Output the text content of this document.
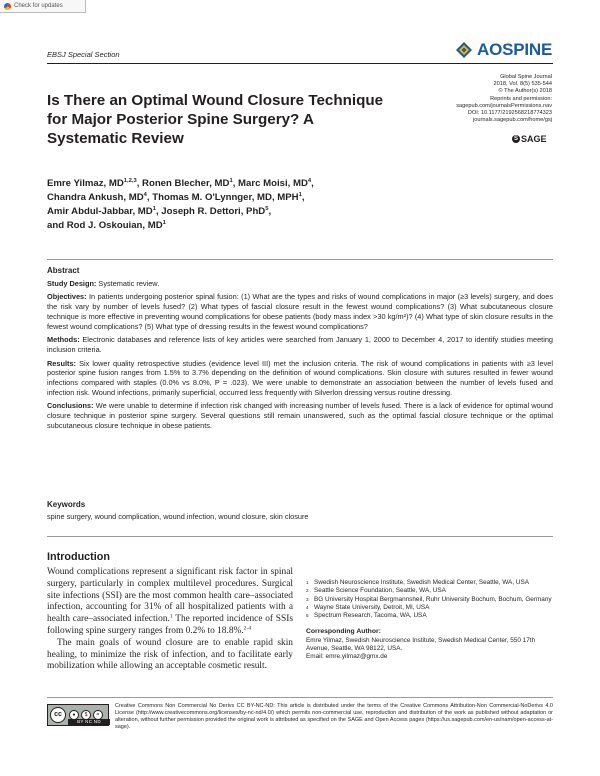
Check for updates
EBSJ Special Section	AOSPINE
Global Spine Journal
2018, Vol. 8(5) 535-544
© The Author(s) 2018
Reprints and permission:
sagepub.com/journalsPermissions.nav
DOI: 10.1177/2192568218774323
journals.sagepub.com/home/gsj
S SAGE
Is There an Optimal Wound Closure Technique for Major Posterior Spine Surgery? A Systematic Review
Emre Yilmaz, MD$^{1,2,3}$, Ronen Blecher, $MD^1$, Marc Moisi, $MD^4$,
Chandra Ankush, $MD^4$, Thomas M. O'Lynnger, MD, MPH$^1$,
Amir Abdul-Jabbar, $MD^1$, Joseph R. Dettori, PhD$^5$,
and Rod J. Oskouian, $MD^1$
Abstract

Study Design: Systematic review.

Objectives: In patients undergoing posterior spinal fusion: (1) What are the types and risks of wound complications in major (≥3 levels) surgery, and does the risk vary by number of levels fused? (2) What types of fascial closure result in the fewest wound complications? (3) What subcutaneous closure technique is more effective in preventing wound complications for obese patients (body mass index >30 kg/m²)? (4) What type of skin closure results in the fewest wound complications? (5) What type of dressing results in the fewest wound complications?

Methods: Electronic databases and reference lists of key articles were searched from January 1, 2000 to December 4, 2017 to identify studies meeting inclusion criteria.

Results: Six lower quality retrospective studies (evidence level III) met the inclusion criteria. The risk of wound complications in patients with ≥3 level posterior spine fusion ranges from 1.5% to 3.7% depending on the definition of wound complications. Skin closure with sutures resulted in fewer wound infections compared with staples (0.0% vs 8.0%, P = .023). We were unable to demonstrate an association between the number of levels fused and infection risk. Wound infections, primarily superficial, occurred less frequently with Silverlon dressing versus routine dressing.

Conclusions: We were unable to determine if infection risk changed with increasing number of levels fused. There is a lack of evidence for optimal wound closure technique in posterior spine surgery. Several questions still remain unanswered, such as the optimal fascial closure technique or the optimal subcutaneous closure technique in obese patients.

Keywords
spine surgery, wound complication, wound infection, wound closure, skin closure
Introduction

Wound complications represent a significant risk factor in spinal surgery, particularly in complex multilevel procedures. Surgical site infections (SSI) are the most common health care–associated infection, accounting for 31% of all hospitalized patients with a health care–associated infection.$^1$ The reported incidence of SSIs following spine surgery ranges from 0.2% to 18.8%.$^{2-4}$

The main goals of wound closure are to enable rapid skin healing, to minimize the risk of infection, and to facilitate early mobilization while allowing an acceptable cosmetic result.

1 Swedish Neuroscience Institute, Swedish Medical Center, Seattle, WA, USA
2 Seattle Science Foundation, Seattle, WA, USA
3 BG University Hospital Bergmannsheil, Ruhr University Bochum, Bochum, Germany
4 Wayne State University, Detroit, MI, USA
5 Spectrum Research, Tacoma, WA, USA
Corresponding Author:
Emre Yilmaz, Swedish Neuroscience Institute, Swedish Medical Center, 550 17th Avenue, Seattle, WA 98122, USA.
Email: emre.yilmaz@gmx.de
cc	●	$	=
BY NC ND
Creative Commons Non Commercial No Derivs CC BY-NC-ND: This article is distributed under the terms of the Creative Commons Attribution-Non Commercial-NoDerivs 4.0 License (http://www.creativecommons.org/licenses/by-nc-nd/4.0/) which permits non-commercial use, reproduction and distribution of the work as published without adaptation or alteration, without further permission provided the original work is attributed as specified on the SAGE and Open Access pages (https://us.sagepub.com/en-us/nam/open-access-at-sage).
